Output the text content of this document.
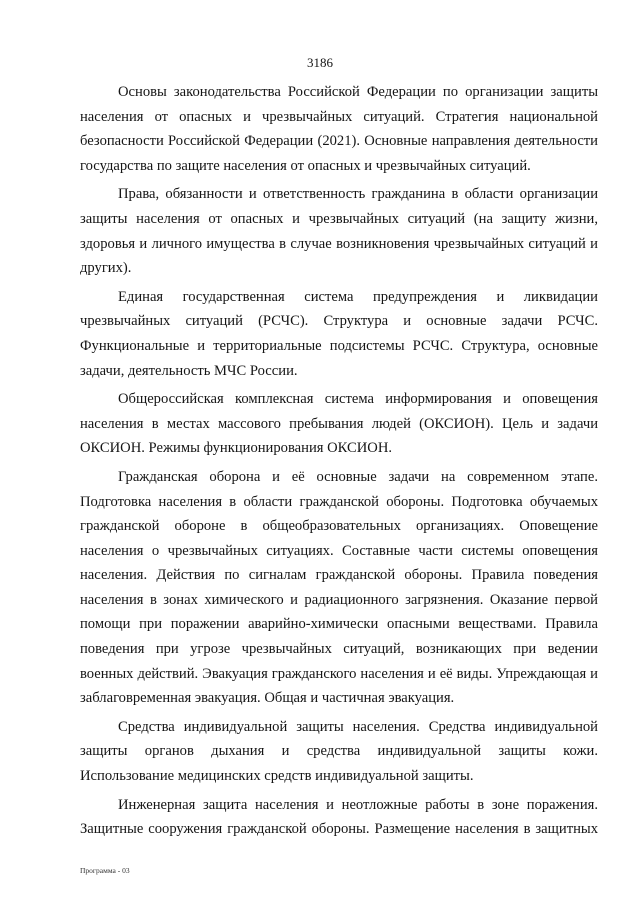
3186

Основы законодательства Российской Федерации по организации защиты населения от опасных и чрезвычайных ситуаций. Стратегия национальной безопасности Российской Федерации (2021). Основные направления деятельности государства по защите населения от опасных и чрезвычайных ситуаций.

Права, обязанности и ответственность гражданина в области организации защиты населения от опасных и чрезвычайных ситуаций (на защиту жизни, здоровья и личного имущества в случае возникновения чрезвычайных ситуаций и других).

Единая государственная система предупреждения и ликвидации чрезвычайных ситуаций (РСЧС). Структура и основные задачи РСЧС. Функциональные и территориальные подсистемы РСЧС. Структура, основные задачи, деятельность МЧС России.

Общероссийская комплексная система информирования и оповещения населения в местах массового пребывания людей (ОКСИОН). Цель и задачи ОКСИОН. Режимы функционирования ОКСИОН.

Гражданская оборона и её основные задачи на современном этапе. Подготовка населения в области гражданской обороны. Подготовка обучаемых гражданской обороне в общеобразовательных организациях. Оповещение населения о чрезвычайных ситуациях. Составные части системы оповещения населения. Действия по сигналам гражданской обороны. Правила поведения населения в зонах химического и радиационного загрязнения. Оказание первой помощи при поражении аварийно-химически опасными веществами. Правила поведения при угрозе чрезвычайных ситуаций, возникающих при ведении военных действий. Эвакуация гражданского населения и её виды. Упреждающая и заблаговременная эвакуация. Общая и частичная эвакуация.

Средства индивидуальной защиты населения. Средства индивидуальной защиты органов дыхания и средства индивидуальной защиты кожи. Использование медицинских средств индивидуальной защиты.

Инженерная защита населения и неотложные работы в зоне поражения. Защитные сооружения гражданской обороны. Размещение населения в защитных

Программа - 03
